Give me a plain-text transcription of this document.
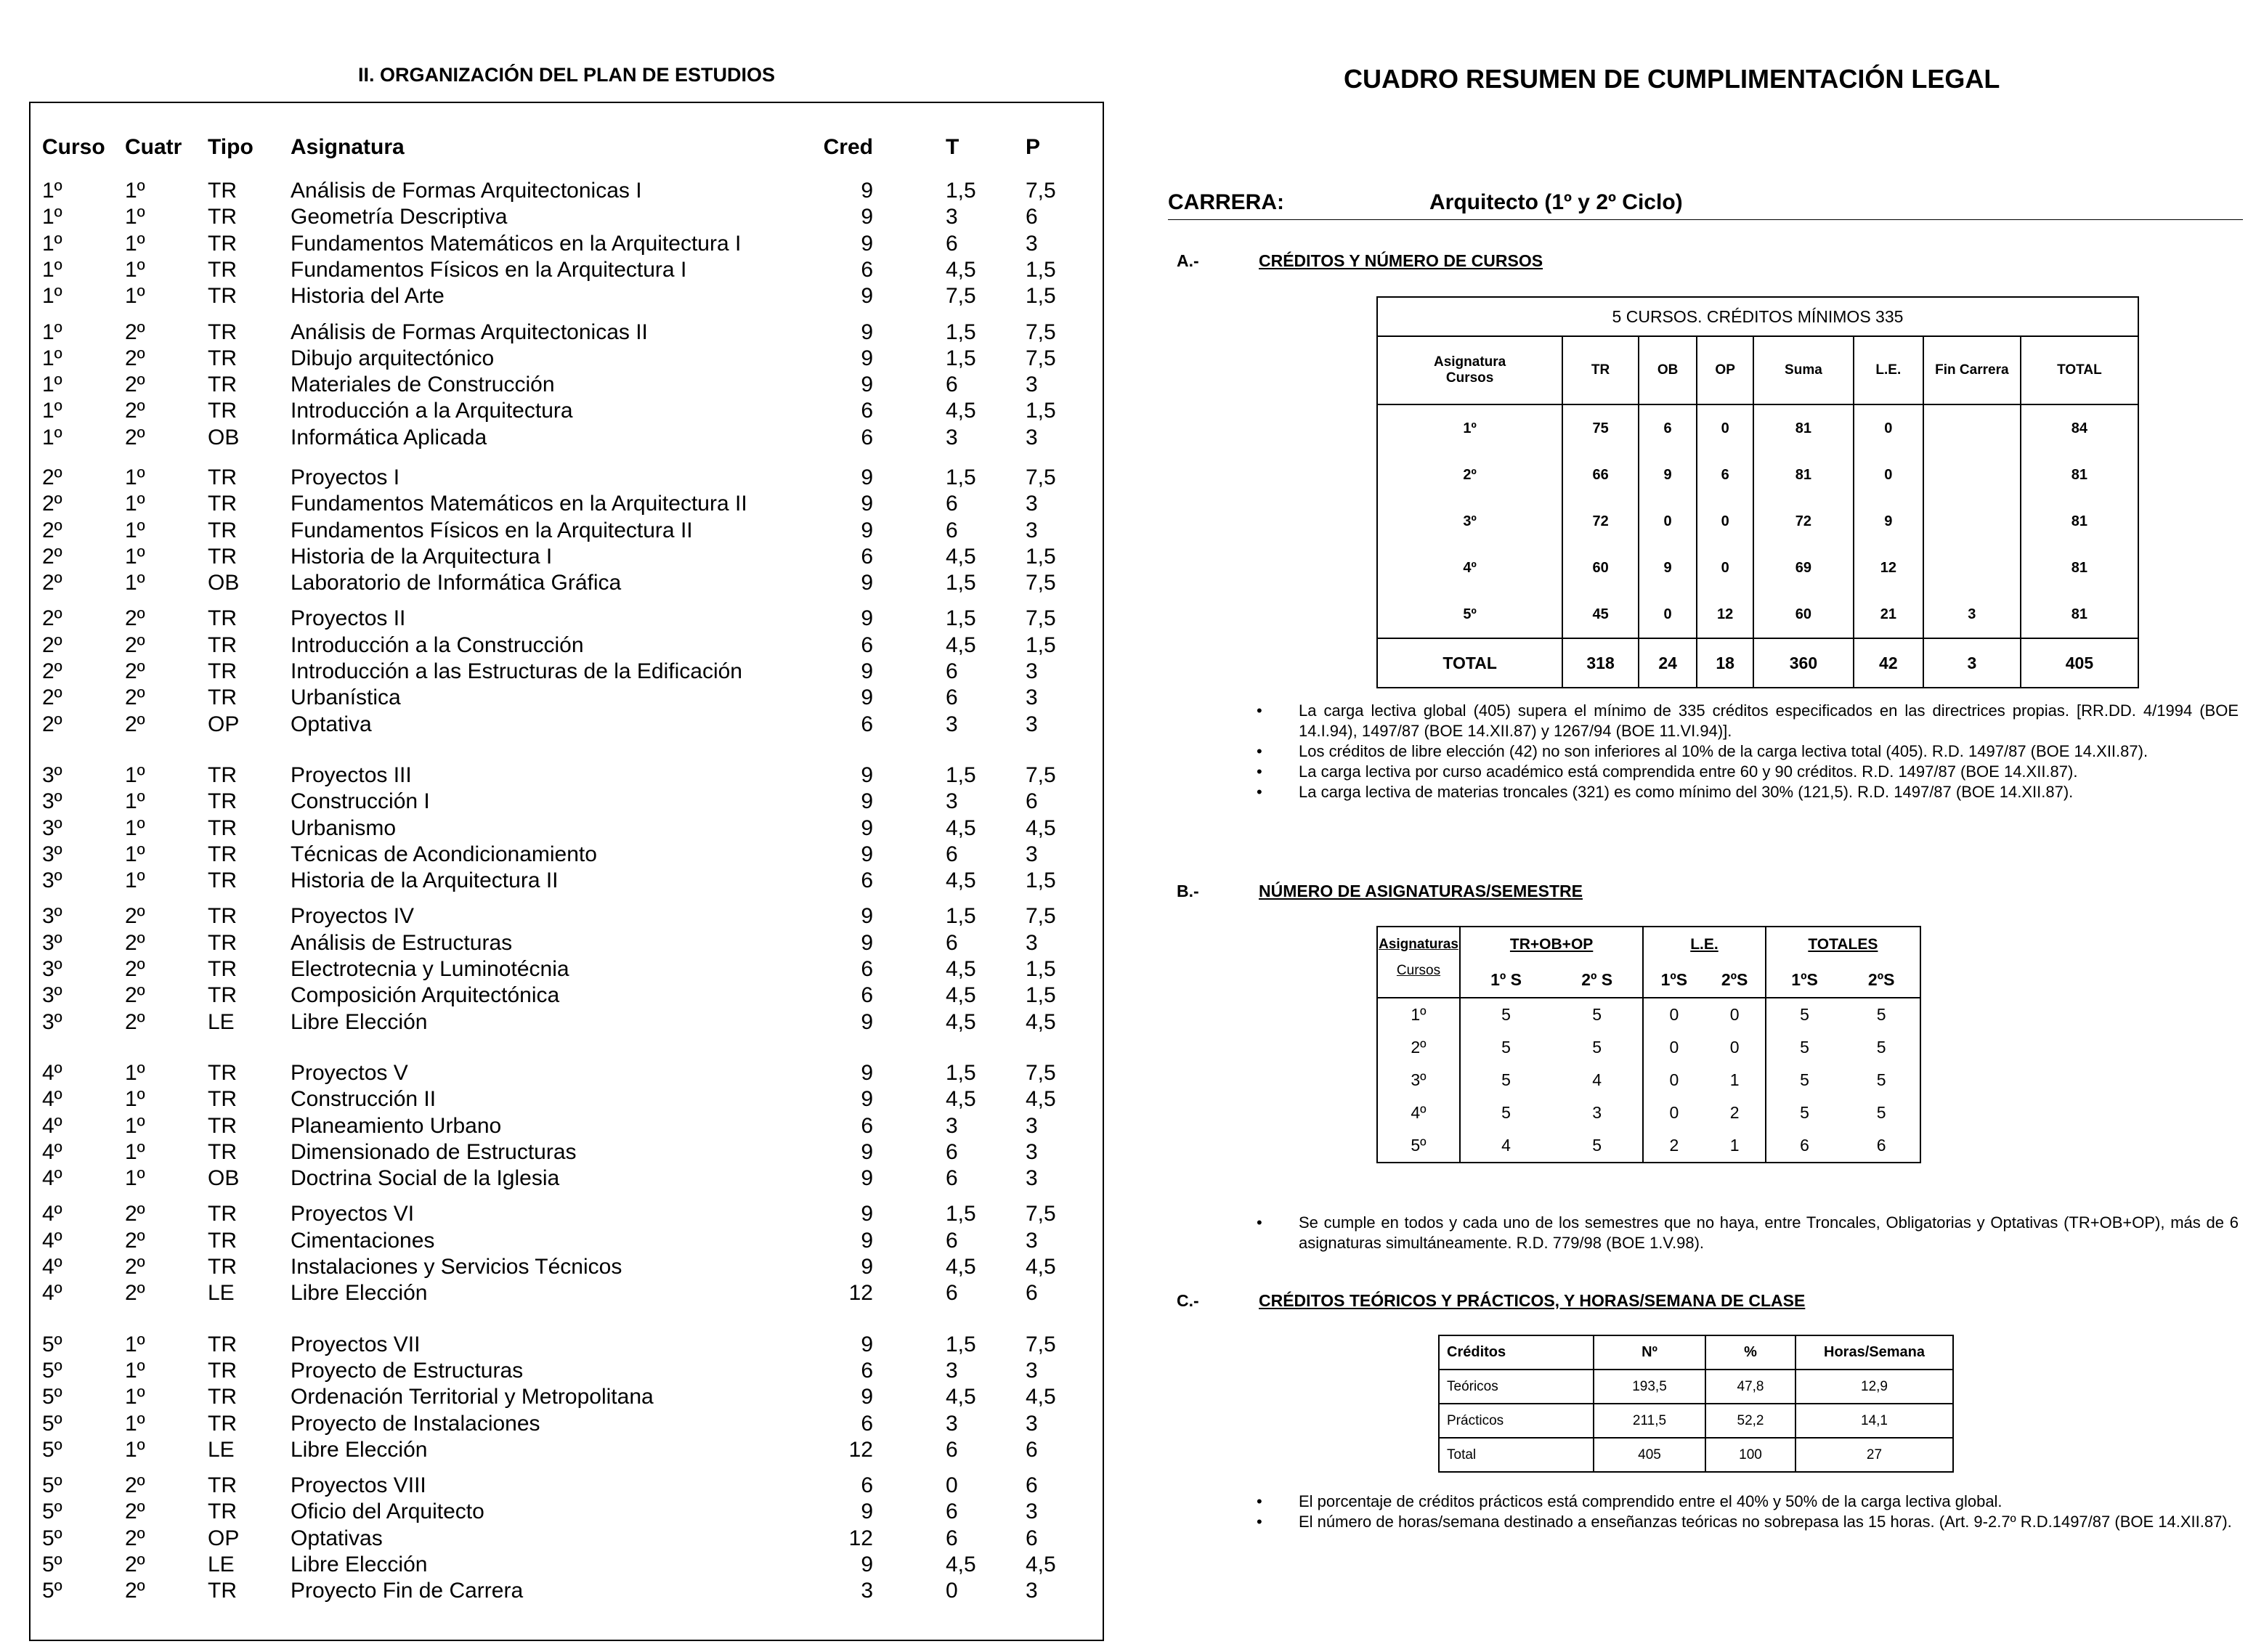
II. ORGANIZACIÓN DEL PLAN DE ESTUDIOS
Curso Cuatr Tipo Asignatura	Cred	T	P
1º	1º	TR Análisis de Formas Arquitectonicas I	9	1,5 7,5
1º	1º	TR Geometría Descriptiva	9	3	6
1º	1º	TR Fundamentos Matemáticos en la Arquitectura I	9	6	3
1º	1º	TR Fundamentos Físicos en la Arquitectura I	6	4,5 1,5
1º	1º	TR Historia del Arte	9	7,5 1,5
1º	2º	TR Análisis de Formas Arquitectonicas II	9	1,5 7,5
1º	2º	TR Dibujo arquitectónico	9	1,5 7,5
1º	2º	TR Materiales de Construcción	9	6	3
1º	2º	TR Introducción a la Arquitectura	6	4,5 1,5
1º	2º	OB Informática Aplicada	6	3	3
2º	1º	TR Proyectos I	9	1,5 7,5
2º	1º	TR Fundamentos Matemáticos en la Arquitectura II	9	6	3
2º	1º	TR Fundamentos Físicos en la Arquitectura II	9	6	3
2º	1º	TR Historia de la Arquitectura I	6	4,5 1,5
2º	1º	OB Laboratorio de Informática Gráfica	9	1,5 7,5
2º	2º	TR Proyectos II	9	1,5 7,5
2º	2º	TR Introducción a la Construcción	6	4,5 1,5
2º	2º	TR Introducción a las Estructuras de la Edificación	9	6	3
2º	2º	TR Urbanística	9	6	3
2º	2º	OP Optativa	6	3	3
3º	1º	TR Proyectos III	9	1,5 7,5
3º	1º	TR Construcción I	9	3	6
3º	1º	TR Urbanismo	9	4,5 4,5
3º	1º	TR Técnicas de Acondicionamiento	9	6	3
3º	1º	TR Historia de la Arquitectura II	6	4,5 1,5
3º	2º	TR Proyectos IV	9	1,5 7,5
3º	2º	TR Análisis de Estructuras	9	6	3
3º	2º	TR Electrotecnia y Luminotécnia	6	4,5 1,5
3º	2º	TR Composición Arquitectónica	6	4,5 1,5
3º	2º	LE	Libre Elección	9	4,5 4,5
4º	1º	TR Proyectos V	9	1,5 7,5
4º	1º	TR Construcción II	9	4,5 4,5
4º	1º	TR Planeamiento Urbano	6	3	3
4º	1º	TR Dimensionado de Estructuras	9	6	3
4º	1º	OB Doctrina Social de la Iglesia	9	6	3
4º	2º	TR Proyectos VI	9	1,5 7,5
4º	2º	TR Cimentaciones	9	6	3
4º	2º	TR Instalaciones y Servicios Técnicos	9	4,5 4,5
4º	2º	LE	Libre Elección	12	6	6
5º	1º	TR Proyectos VII	9	1,5 7,5
5º	1º	TR Proyecto de Estructuras	6	3	3
5º	1º	TR Ordenación Territorial y Metropolitana	9	4,5 4,5
5º	1º	TR Proyecto de Instalaciones	6	3	3
5º	1º	LE	Libre Elección	12	6	6
5º	2º	TR Proyectos VIII	6	0	6
5º	2º	TR Oficio del Arquitecto	9	6	3
5º	2º	OP Optativas	12	6	6
5º	2º	LE	Libre Elección	9	4,5 4,5
5º	2º	TR Proyecto Fin de Carrera	3	0	3
CUADRO RESUMEN DE CUMPLIMENTACIÓN LEGAL
CARRERA:	Arquitecto (1º y 2º Ciclo)
A.-	CRÉDITOS Y NÚMERO DE CURSOS
5 CURSOS. CRÉDITOS MÍNIMOS 335							
Asignatura
Cursos	TR	OB	OP	Suma	L.E.	Fin Carrera	TOTAL
1º	75	6	0	81	0		84
2º	66	9	6	81	0		81
3º	72	0	0	72	9		81
4º	60	9	0	69	12		81
5º	45	0	12	60	21	3	81
TOTAL	318	24	18	360	42	3	405
• La carga lectiva global (405) supera el mínimo de 335 créditos especificados en las directrices propias. [RR.DD. 4/1994 (BOE 14.I.94), 1497/87 (BOE 14.XII.87) y 1267/94 (BOE 11.VI.94)].
• Los créditos de libre elección (42) no son inferiores al 10% de la carga lectiva total (405). R.D. 1497/87 (BOE 14.XII.87).
• La carga lectiva por curso académico está comprendida entre 60 y 90 créditos. R.D. 1497/87 (BOE 14.XII.87).
• La carga lectiva de materias troncales (321) es como mínimo del 30% (121,5). R.D. 1497/87 (BOE 14.XII.87).
B.-	NÚMERO DE ASIGNATURAS/SEMESTRE
Asignaturas	TR+OB+OP		L.E.		TOTALES	
Cursos	1º S	2º S	1ºS	2ºS	1ºS	2ºS
1º	5	5	0	0	5	5
2º	5	5	0	0	5	5
3º	5	4	0	1	5	5
4º	5	3	0	2	5	5
5º	4	5	2	1	6	6
• Se cumple en todos y cada uno de los semestres que no haya, entre Troncales, Obligatorias y Optativas (TR+OB+OP), más de 6 asignaturas simultáneamente. R.D. 779/98 (BOE 1.V.98).
C.-	CRÉDITOS TEÓRICOS Y PRÁCTICOS, Y HORAS/SEMANA DE CLASE
Créditos	Nº	%	Horas/Semana
Teóricos	193,5	47,8	12,9
Prácticos	211,5	52,2	14,1
Total	405	100	27
• El porcentaje de créditos prácticos está comprendido entre el 40% y 50% de la carga lectiva global.
• El número de horas/semana destinado a enseñanzas teóricas no sobrepasa las 15 horas. (Art. 9-2.7º R.D.1497/87 (BOE 14.XII.87).
